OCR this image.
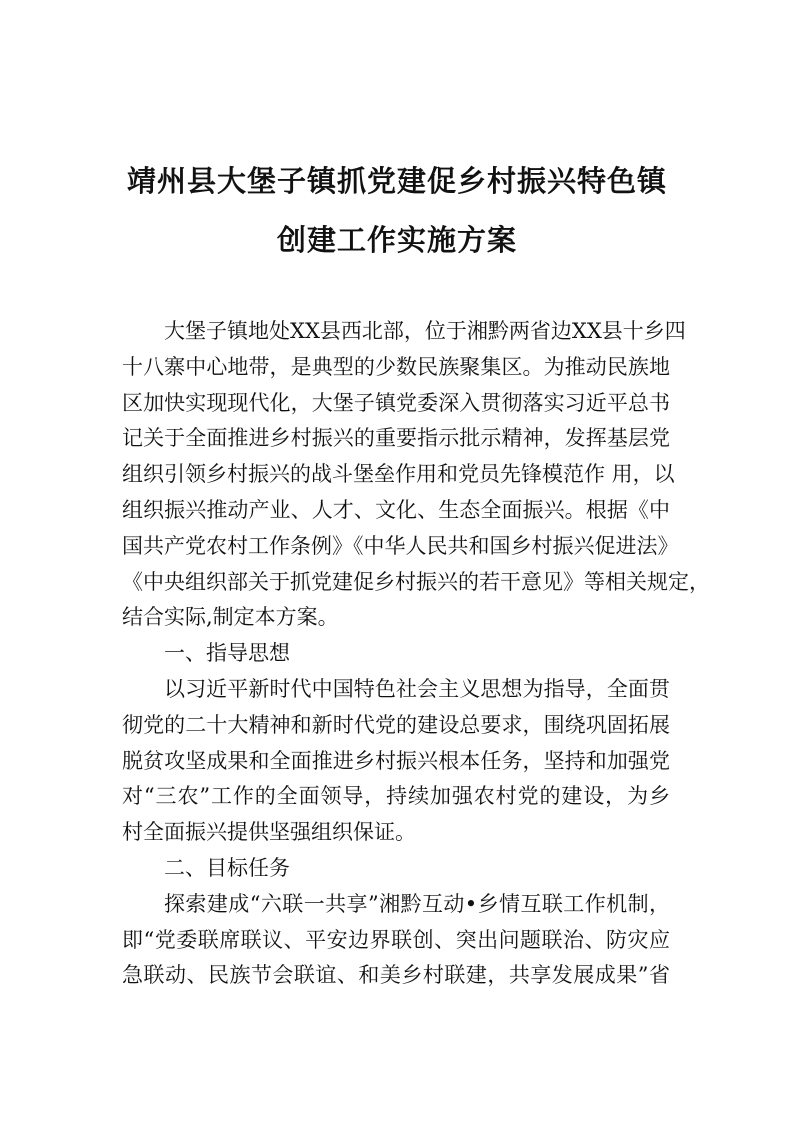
靖州县大堡子镇抓党建促乡村振兴特色镇
创建工作实施方案
大堡子镇地处XX县西北部，位于湘黔两省边XX县十乡四
十八寨中心地带，是典型的少数民族聚集区。为推动民族地
区加快实现现代化，大堡子镇党委深入贯彻落实习近平总书
记关于全面推进乡村振兴的重要指示批示精神，发挥基层党
组织引领乡村振兴的战斗堡垒作用和党员先锋模范作 用，以
组织振兴推动产业、人才、文化、生态全面振兴。根据《中
国共产党农村工作条例》《中华人民共和国乡村振兴促进法》
《中央组织部关于抓党建促乡村振兴的若干意见》等相关规定，
结合实际,制定本方案。
一、指导思想
以习近平新时代中国特色社会主义思想为指导，全面贯
彻党的二十大精神和新时代党的建设总要求，围绕巩固拓展
脱贫攻坚成果和全面推进乡村振兴根本任务，坚持和加强党
对“三农”工作的全面领导，持续加强农村党的建设，为乡
村全面振兴提供坚强组织保证。
二、目标任务
探索建成“六联一共享”湘黔互动•乡情互联工作机制，
即“党委联席联议、平安边界联创、突出问题联治、防灾应
急联动、民族节会联谊、和美乡村联建，共享发展成果”省
